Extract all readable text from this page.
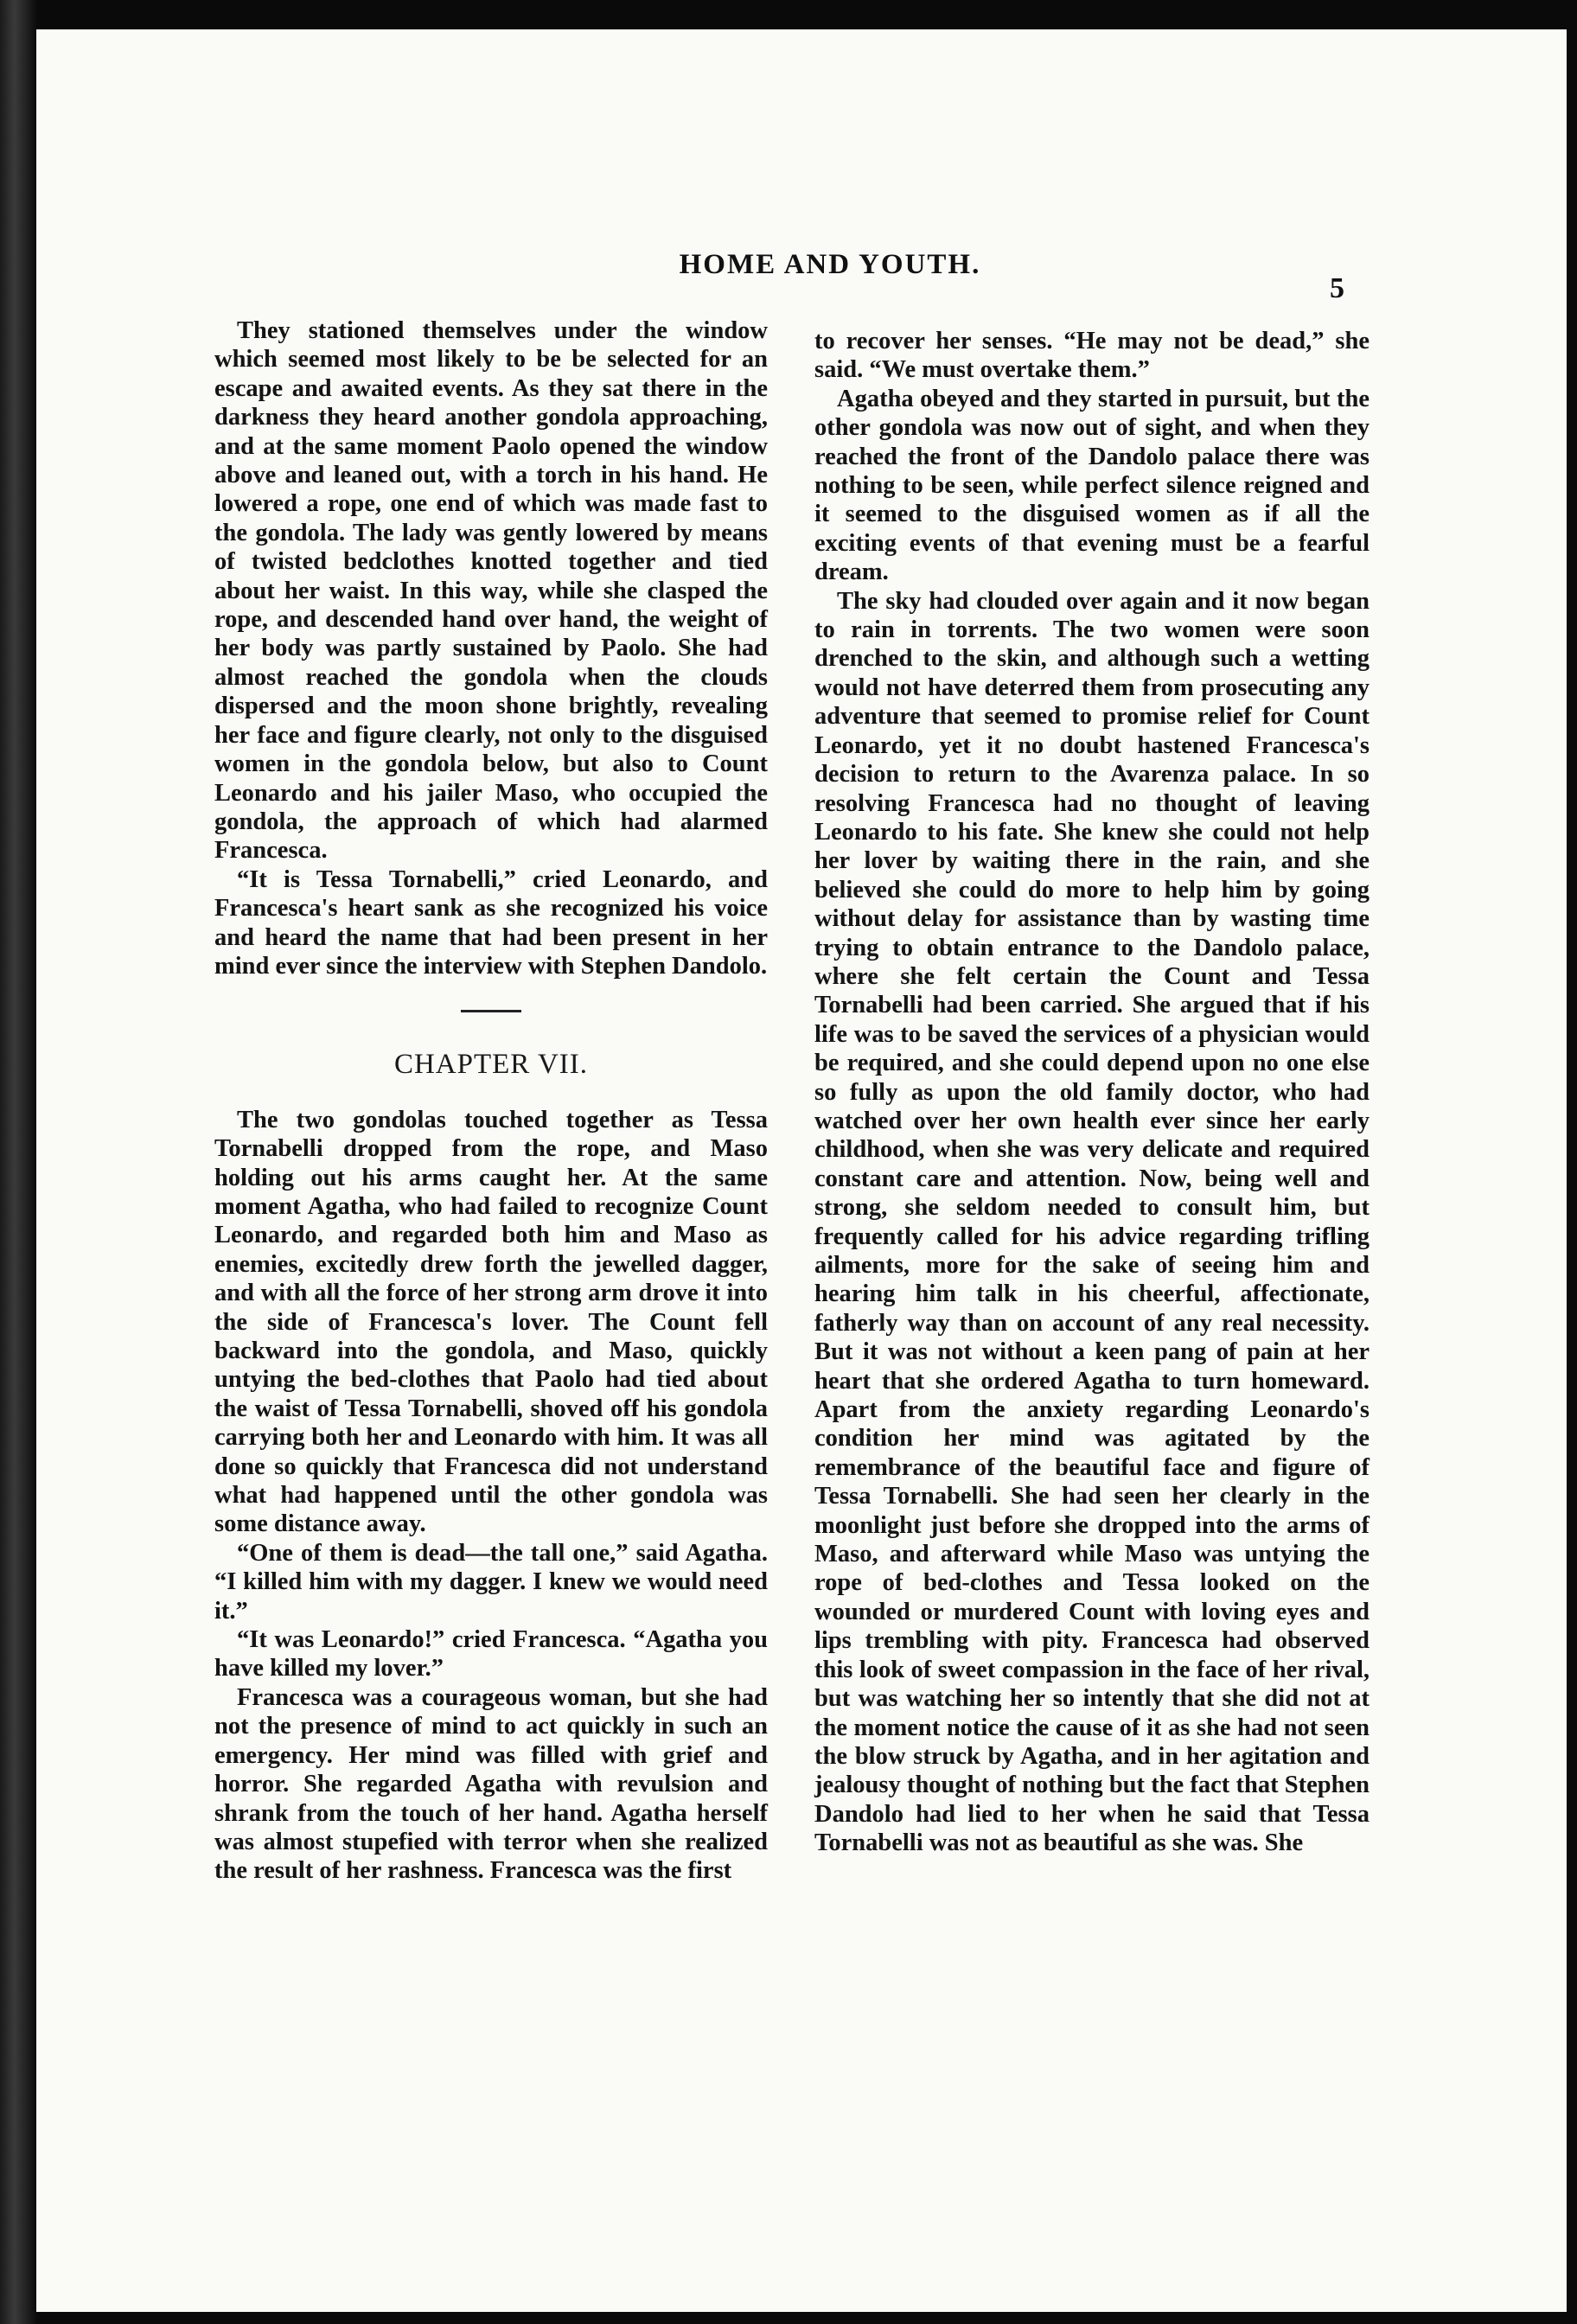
HOME AND YOUTH.
5

They stationed themselves under the window which seemed most likely to be be selected for an escape and awaited events. As they sat there in the darkness they heard another gondola approaching, and at the same moment Paolo opened the window above and leaned out, with a torch in his hand. He lowered a rope, one end of which was made fast to the gondola. The lady was gently lowered by means of twisted bedclothes knotted together and tied about her waist. In this way, while she clasped the rope, and descended hand over hand, the weight of her body was partly sustained by Paolo. She had almost reached the gondola when the clouds dispersed and the moon shone brightly, revealing her face and figure clearly, not only to the disguised women in the gondola below, but also to Count Leonardo and his jailer Maso, who occupied the gondola, the approach of which had alarmed Francesca.

“It is Tessa Tornabelli,” cried Leonardo, and Francesca's heart sank as she recognized his voice and heard the name that had been present in her mind ever since the interview with Stephen Dandolo.

CHAPTER VII.

The two gondolas touched together as Tessa Tornabelli dropped from the rope, and Maso holding out his arms caught her. At the same moment Agatha, who had failed to recognize Count Leonardo, and regarded both him and Maso as enemies, excitedly drew forth the jewelled dagger, and with all the force of her strong arm drove it into the side of Francesca's lover. The Count fell backward into the gondola, and Maso, quickly untying the bed-clothes that Paolo had tied about the waist of Tessa Tornabelli, shoved off his gondola carrying both her and Leonardo with him. It was all done so quickly that Francesca did not understand what had happened until the other gondola was some distance away.

“One of them is dead—the tall one,” said Agatha. “I killed him with my dagger. I knew we would need it.”

“It was Leonardo!” cried Francesca. “Agatha you have killed my lover.”

Francesca was a courageous woman, but she had not the presence of mind to act quickly in such an emergency. Her mind was filled with grief and horror. She regarded Agatha with revulsion and shrank from the touch of her hand. Agatha herself was almost stupefied with terror when she realized the result of her rashness. Francesca was the first

to recover her senses. “He may not be dead,” she said. “We must overtake them.”

Agatha obeyed and they started in pursuit, but the other gondola was now out of sight, and when they reached the front of the Dandolo palace there was nothing to be seen, while perfect silence reigned and it seemed to the disguised women as if all the exciting events of that evening must be a fearful dream.

The sky had clouded over again and it now began to rain in torrents. The two women were soon drenched to the skin, and although such a wetting would not have deterred them from prosecuting any adventure that seemed to promise relief for Count Leonardo, yet it no doubt hastened Francesca's decision to return to the Avarenza palace. In so resolving Francesca had no thought of leaving Leonardo to his fate. She knew she could not help her lover by waiting there in the rain, and she believed she could do more to help him by going without delay for assistance than by wasting time trying to obtain entrance to the Dandolo palace, where she felt certain the Count and Tessa Tornabelli had been carried. She argued that if his life was to be saved the services of a physician would be required, and she could depend upon no one else so fully as upon the old family doctor, who had watched over her own health ever since her early childhood, when she was very delicate and required constant care and attention. Now, being well and strong, she seldom needed to consult him, but frequently called for his advice regarding trifling ailments, more for the sake of seeing him and hearing him talk in his cheerful, affectionate, fatherly way than on account of any real necessity. But it was not without a keen pang of pain at her heart that she ordered Agatha to turn homeward. Apart from the anxiety regarding Leonardo's condition her mind was agitated by the remembrance of the beautiful face and figure of Tessa Tornabelli. She had seen her clearly in the moonlight just before she dropped into the arms of Maso, and afterward while Maso was untying the rope of bed-clothes and Tessa looked on the wounded or murdered Count with loving eyes and lips trembling with pity. Francesca had observed this look of sweet compassion in the face of her rival, but was watching her so intently that she did not at the moment notice the cause of it as she had not seen the blow struck by Agatha, and in her agitation and jealousy thought of nothing but the fact that Stephen Dandolo had lied to her when he said that Tessa Tornabelli was not as beautiful as she was. She
